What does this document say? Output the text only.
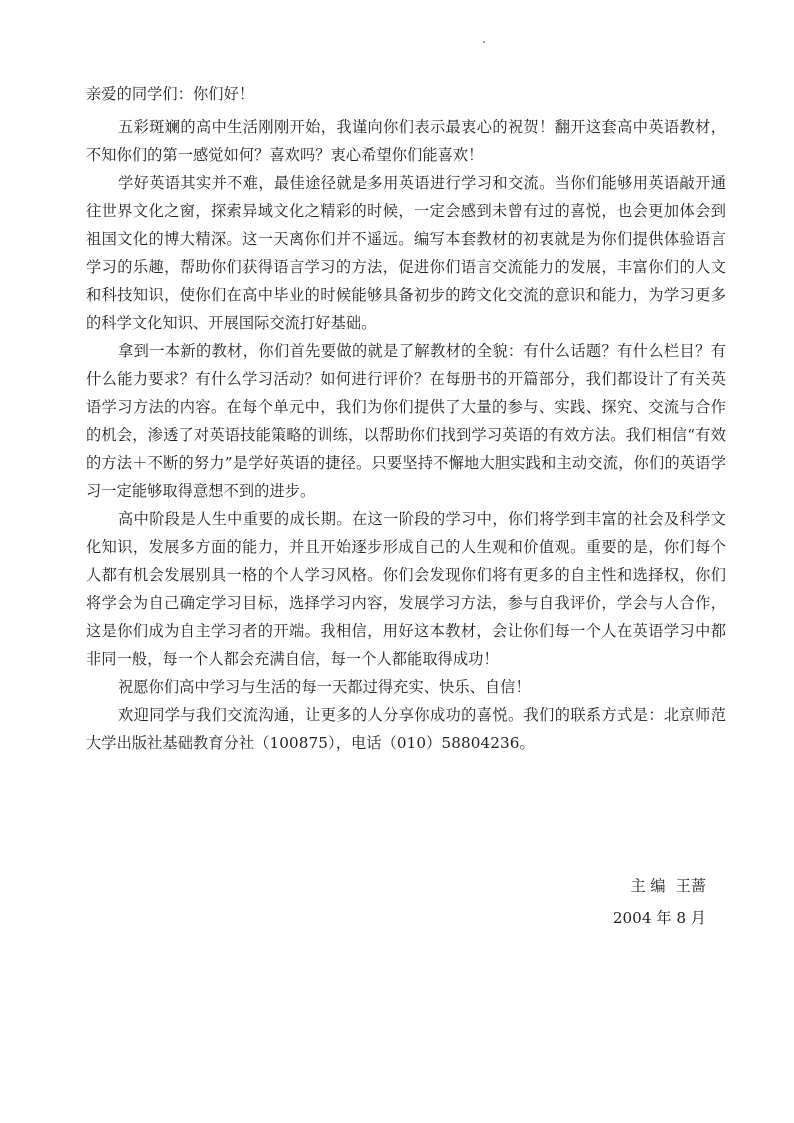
亲爱的同学们：你们好！

五彩斑斓的高中生活刚刚开始，我谨向你们表示最衷心的祝贺！翻开这套高中英语教材，不知你们的第一感觉如何？喜欢吗？衷心希望你们能喜欢！

学好英语其实并不难，最佳途径就是多用英语进行学习和交流。当你们能够用英语敲开通往世界文化之窗，探索异域文化之精彩的时候，一定会感到未曾有过的喜悦，也会更加体会到祖国文化的博大精深。这一天离你们并不遥远。编写本套教材的初衷就是为你们提供体验语言学习的乐趣，帮助你们获得语言学习的方法，促进你们语言交流能力的发展，丰富你们的人文和科技知识，使你们在高中毕业的时候能够具备初步的跨文化交流的意识和能力，为学习更多的科学文化知识、开展国际交流打好基础。

拿到一本新的教材，你们首先要做的就是了解教材的全貌：有什么话题？有什么栏目？有什么能力要求？有什么学习活动？如何进行评价？在每册书的开篇部分，我们都设计了有关英语学习方法的内容。在每个单元中，我们为你们提供了大量的参与、实践、探究、交流与合作的机会，渗透了对英语技能策略的训练，以帮助你们找到学习英语的有效方法。我们相信“有效的方法＋不断的努力”是学好英语的捷径。只要坚持不懈地大胆实践和主动交流，你们的英语学习一定能够取得意想不到的进步。

高中阶段是人生中重要的成长期。在这一阶段的学习中，你们将学到丰富的社会及科学文化知识，发展多方面的能力，并且开始逐步形成自己的人生观和价值观。重要的是，你们每个人都有机会发展别具一格的个人学习风格。你们会发现你们将有更多的自主性和选择权，你们将学会为自己确定学习目标，选择学习内容，发展学习方法，参与自我评价，学会与人合作，这是你们成为自主学习者的开端。我相信，用好这本教材，会让你们每一个人在英语学习中都非同一般，每一个人都会充满自信，每一个人都能取得成功！

祝愿你们高中学习与生活的每一天都过得充实、快乐、自信！

欢迎同学与我们交流沟通，让更多的人分享你成功的喜悦。我们的联系方式是：北京师范大学出版社基础教育分社（100875），电话（010）58804236。

主 编 王蔷
2004 年 8 月
